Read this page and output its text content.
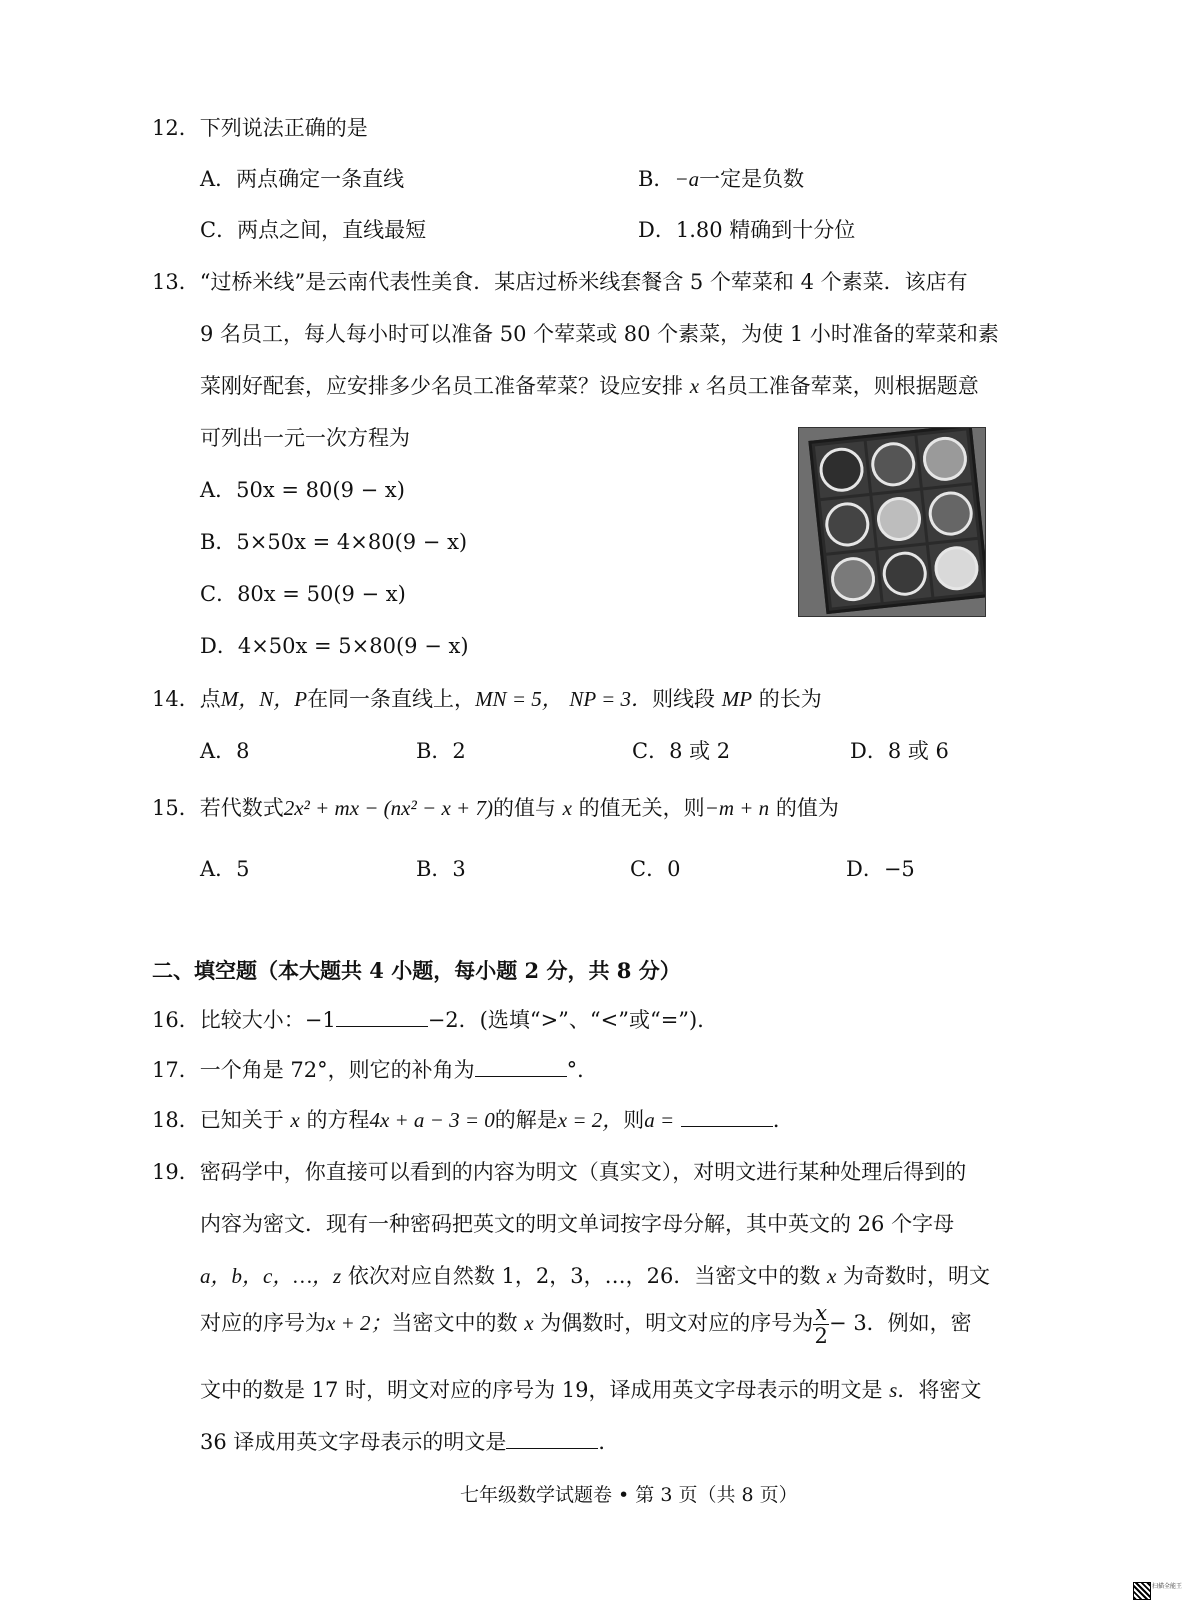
12．下列说法正确的是
A．两点确定一条直线	B．−a一定是负数
C．两点之间，直线最短	D．1.80 精确到十分位
13．“过桥米线”是云南代表性美食．某店过桥米线套餐含 5 个荤菜和 4 个素菜．该店有
9 名员工，每人每小时可以准备 50 个荤菜或 80 个素菜，为使 1 小时准备的荤菜和素
菜刚好配套，应安排多少名员工准备荤菜？设应安排 x 名员工准备荤菜，则根据题意
可列出一元一次方程为
A．50x = 80(9 − x)
B．5×50x = 4×80(9 − x)
C．80x = 50(9 − x)
D．4×50x = 5×80(9 − x)
14．点M，N，P在同一条直线上，MN = 5， NP = 3．则线段 MP 的长为
A．8	B．2	C．8 或 2	D．8 或 6
15．若代数式2x² + mx − (nx² − x + 7)的值与 x 的值无关，则−m + n 的值为
A．5	B．3	C．0	D．−5
二、填空题（本大题共 4 小题，每小题 2 分，共 8 分）
16．比较大小：−1	−2．(选填“>”、“<”或“=”)．
17．一个角是 72°，则它的补角为	°．
18．已知关于 x 的方程4x + a − 3 = 0的解是x = 2，则a =	．
19．密码学中，你直接可以看到的内容为明文（真实文），对明文进行某种处理后得到的
内容为密文．现有一种密码把英文的明文单词按字母分解，其中英文的 26 个字母
a，b，c，…，z 依次对应自然数 1，2，3，…，26．当密文中的数 x 为奇数时，明文
对应的序号为x + 2；当密文中的数 x 为偶数时，明文对应的序号为 $\frac{x}{2} - 3$．例如，密
文中的数是 17 时，明文对应的序号为 19，译成用英文字母表示的明文是 s．将密文
36 译成用英文字母表示的明文是	．
七年级数学试题卷 • 第 3 页（共 8 页）
扫描全能王
